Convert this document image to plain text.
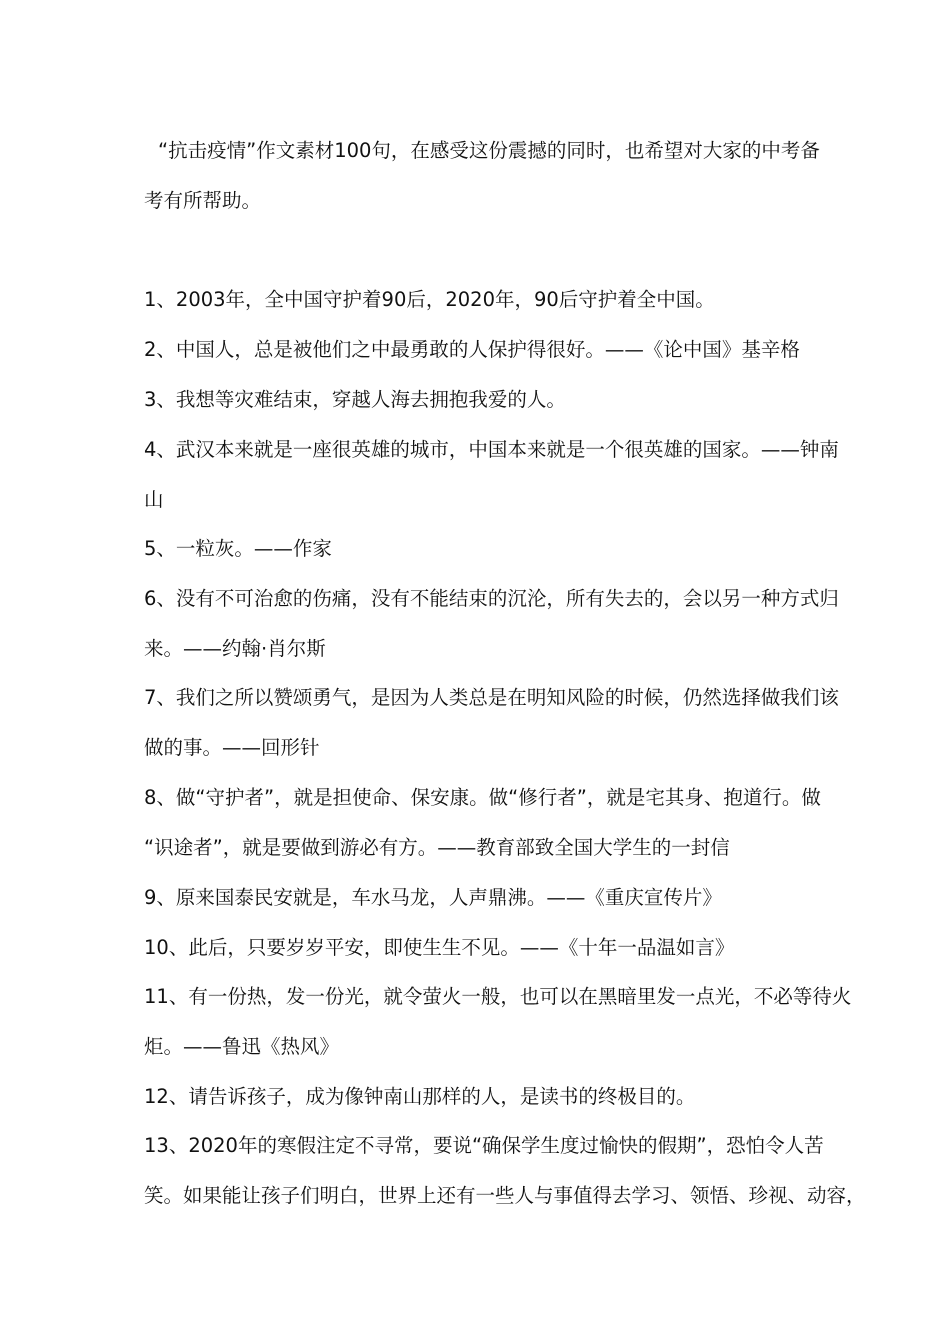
“抗击疫情”作文素材100句，在感受这份震撼的同时，也希望对大家的中考备
考有所帮助。
1、2003年，全中国守护着90后，2020年，90后守护着全中国。
2、中国人，总是被他们之中最勇敢的人保护得很好。——《论中国》基辛格
3、我想等灾难结束，穿越人海去拥抱我爱的人。
4、武汉本来就是一座很英雄的城市，中国本来就是一个很英雄的国家。——钟南
山
5、一粒灰。——作家
6、没有不可治愈的伤痛，没有不能结束的沉沦，所有失去的，会以另一种方式归
来。——约翰·肖尔斯
7、我们之所以赞颂勇气，是因为人类总是在明知风险的时候，仍然选择做我们该
做的事。——回形针
8、做“守护者”，就是担使命、保安康。做“修行者”，就是宅其身、抱道行。做
“识途者”，就是要做到游必有方。——教育部致全国大学生的一封信
9、原来国泰民安就是，车水马龙，人声鼎沸。——《重庆宣传片》
10、此后，只要岁岁平安，即使生生不见。——《十年一品温如言》
11、有一份热，发一份光，就令萤火一般，也可以在黑暗里发一点光，不必等待火
炬。——鲁迅《热风》
12、请告诉孩子，成为像钟南山那样的人，是读书的终极目的。
13、2020年的寒假注定不寻常，要说“确保学生度过愉快的假期”，恐怕令人苦
笑。如果能让孩子们明白，世界上还有一些人与事值得去学习、领悟、珍视、动容，
